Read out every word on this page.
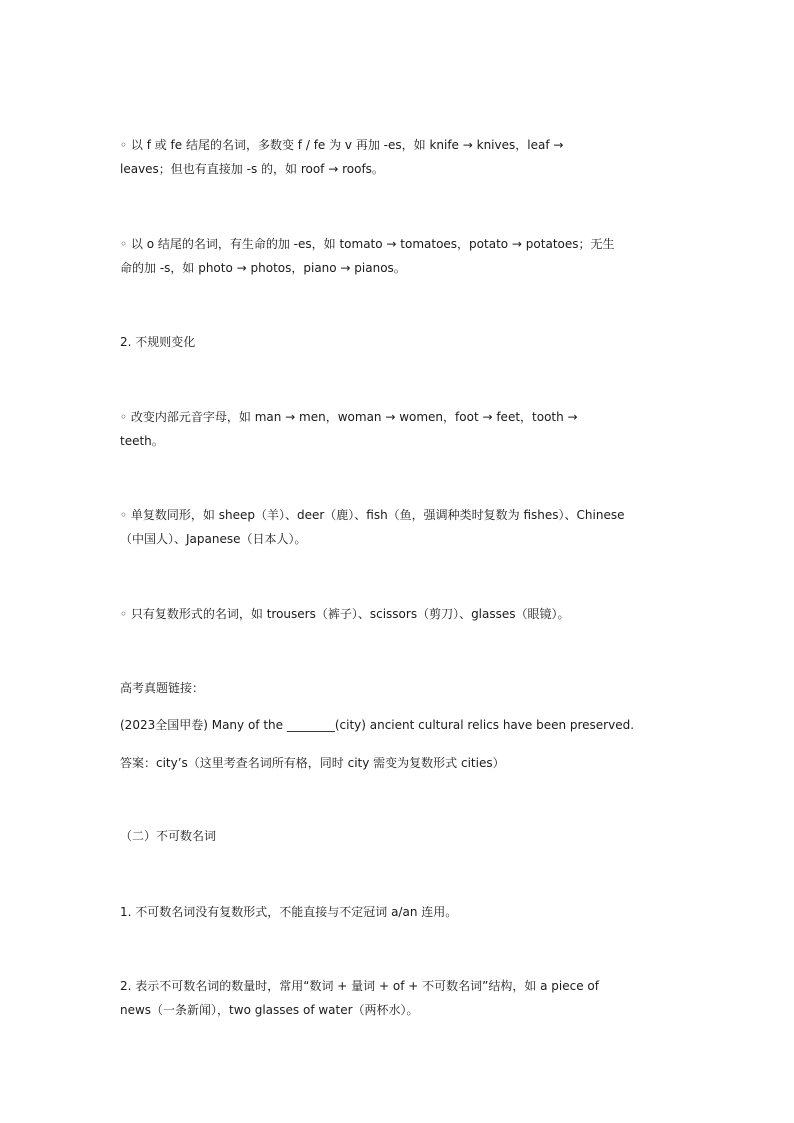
◦ 以 f 或 fe 结尾的名词，多数变 f / fe 为 v 再加 -es，如 knife → knives，leaf →
leaves；但也有直接加 -s 的，如 roof → roofs。

◦ 以 o 结尾的名词，有生命的加 -es，如 tomato → tomatoes，potato → potatoes；无生
命的加 -s，如 photo → photos，piano → pianos。

2. 不规则变化

◦ 改变内部元音字母，如 man → men，woman → women，foot → feet，tooth →
teeth。

◦ 单复数同形，如 sheep（羊）、deer（鹿）、fish（鱼，强调种类时复数为 fishes）、Chinese
（中国人）、Japanese（日本人）。

◦ 只有复数形式的名词，如 trousers（裤子）、scissors（剪刀）、glasses（眼镜）。

高考真题链接：

(2023全国甲卷) Many of the ________(city) ancient cultural relics have been preserved.

答案：city’s（这里考查名词所有格，同时 city 需变为复数形式 cities）

（二）不可数名词

1. 不可数名词没有复数形式，不能直接与不定冠词 a/an 连用。

2. 表示不可数名词的数量时，常用“数词 + 量词 + of + 不可数名词”结构，如 a piece of
news（一条新闻），two glasses of water（两杯水）。
